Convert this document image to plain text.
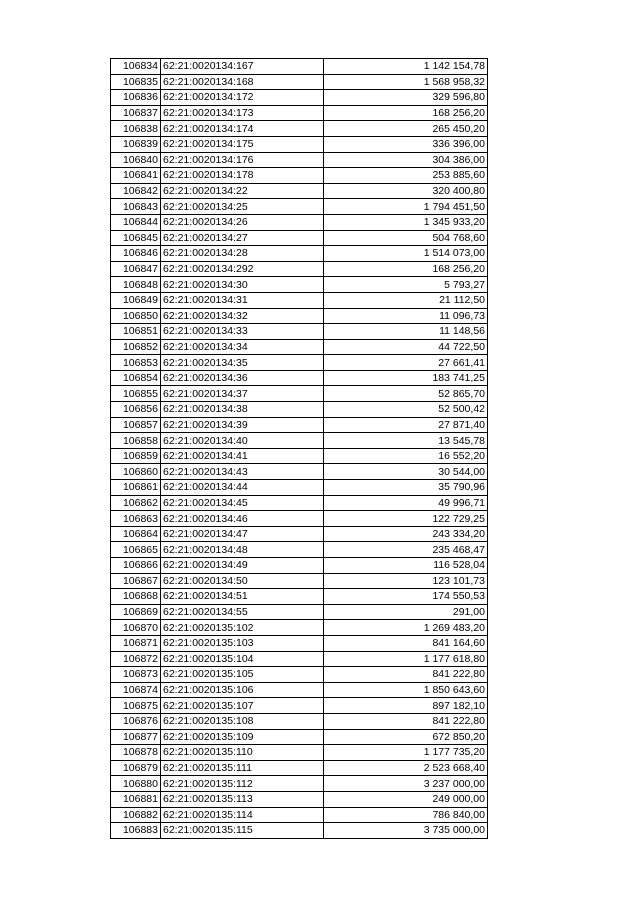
106834	62:21:0020134:167	1 142 154,78
106835	62:21:0020134:168	1 568 958,32
106836	62:21:0020134:172	329 596,80
106837	62:21:0020134:173	168 256,20
106838	62:21:0020134:174	265 450,20
106839	62:21:0020134:175	336 396,00
106840	62:21:0020134:176	304 386,00
106841	62:21:0020134:178	253 885,60
106842	62:21:0020134:22	320 400,80
106843	62:21:0020134:25	1 794 451,50
106844	62:21:0020134:26	1 345 933,20
106845	62:21:0020134:27	504 768,60
106846	62:21:0020134:28	1 514 073,00
106847	62:21:0020134:292	168 256,20
106848	62:21:0020134:30	5 793,27
106849	62:21:0020134:31	21 112,50
106850	62:21:0020134:32	11 096,73
106851	62:21:0020134:33	11 148,56
106852	62:21:0020134:34	44 722,50
106853	62:21:0020134:35	27 661,41
106854	62:21:0020134:36	183 741,25
106855	62:21:0020134:37	52 865,70
106856	62:21:0020134:38	52 500,42
106857	62:21:0020134:39	27 871,40
106858	62:21:0020134:40	13 545,78
106859	62:21:0020134:41	16 552,20
106860	62:21:0020134:43	30 544,00
106861	62:21:0020134:44	35 790,96
106862	62:21:0020134:45	49 996,71
106863	62:21:0020134:46	122 729,25
106864	62:21:0020134:47	243 334,20
106865	62:21:0020134:48	235 468,47
106866	62:21:0020134:49	116 528,04
106867	62:21:0020134:50	123 101,73
106868	62:21:0020134:51	174 550,53
106869	62:21:0020134:55	291,00
106870	62:21:0020135:102	1 269 483,20
106871	62:21:0020135:103	841 164,60
106872	62:21:0020135:104	1 177 618,80
106873	62:21:0020135:105	841 222,80
106874	62:21:0020135:106	1 850 643,60
106875	62:21:0020135:107	897 182,10
106876	62:21:0020135:108	841 222,80
106877	62:21:0020135:109	672 850,20
106878	62:21:0020135:110	1 177 735,20
106879	62:21:0020135:111	2 523 668,40
106880	62:21:0020135:112	3 237 000,00
106881	62:21:0020135:113	249 000,00
106882	62:21:0020135:114	786 840,00
106883	62:21:0020135:115	3 735 000,00
